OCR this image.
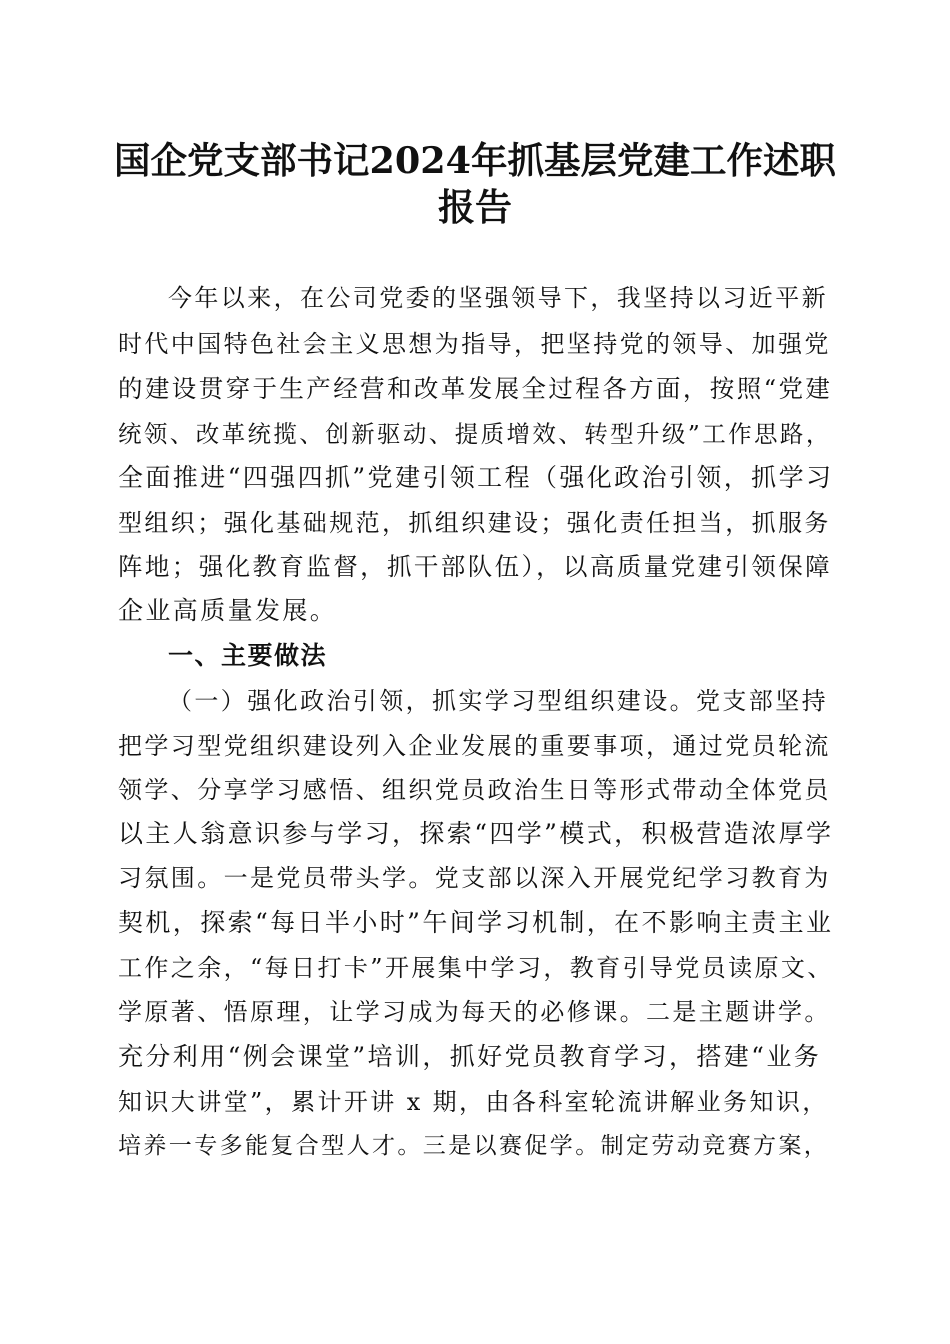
国企党支部书记2024年抓基层党建工作述职
报告
今年以来，在公司党委的坚强领导下，我坚持以习近平新
时代中国特色社会主义思想为指导，把坚持党的领导、加强党
的建设贯穿于生产经营和改革发展全过程各方面，按照“党建
统领、改革统揽、创新驱动、提质增效、转型升级”工作思路，
全面推进“四强四抓”党建引领工程（强化政治引领，抓学习
型组织；强化基础规范，抓组织建设；强化责任担当，抓服务
阵地；强化教育监督，抓干部队伍），以高质量党建引领保障
企业高质量发展。
一、主要做法
（一）强化政治引领，抓实学习型组织建设。党支部坚持
把学习型党组织建设列入企业发展的重要事项，通过党员轮流
领学、分享学习感悟、组织党员政治生日等形式带动全体党员
以主人翁意识参与学习，探索“四学”模式，积极营造浓厚学
习氛围。一是党员带头学。党支部以深入开展党纪学习教育为
契机，探索“每日半小时”午间学习机制，在不影响主责主业
工作之余，“每日打卡”开展集中学习，教育引导党员读原文、
学原著、悟原理，让学习成为每天的必修课。二是主题讲学。
充分利用“例会课堂”培训，抓好党员教育学习，搭建“业务
知识大讲堂”，累计开讲 x 期，由各科室轮流讲解业务知识，
培养一专多能复合型人才。三是以赛促学。制定劳动竞赛方案，
